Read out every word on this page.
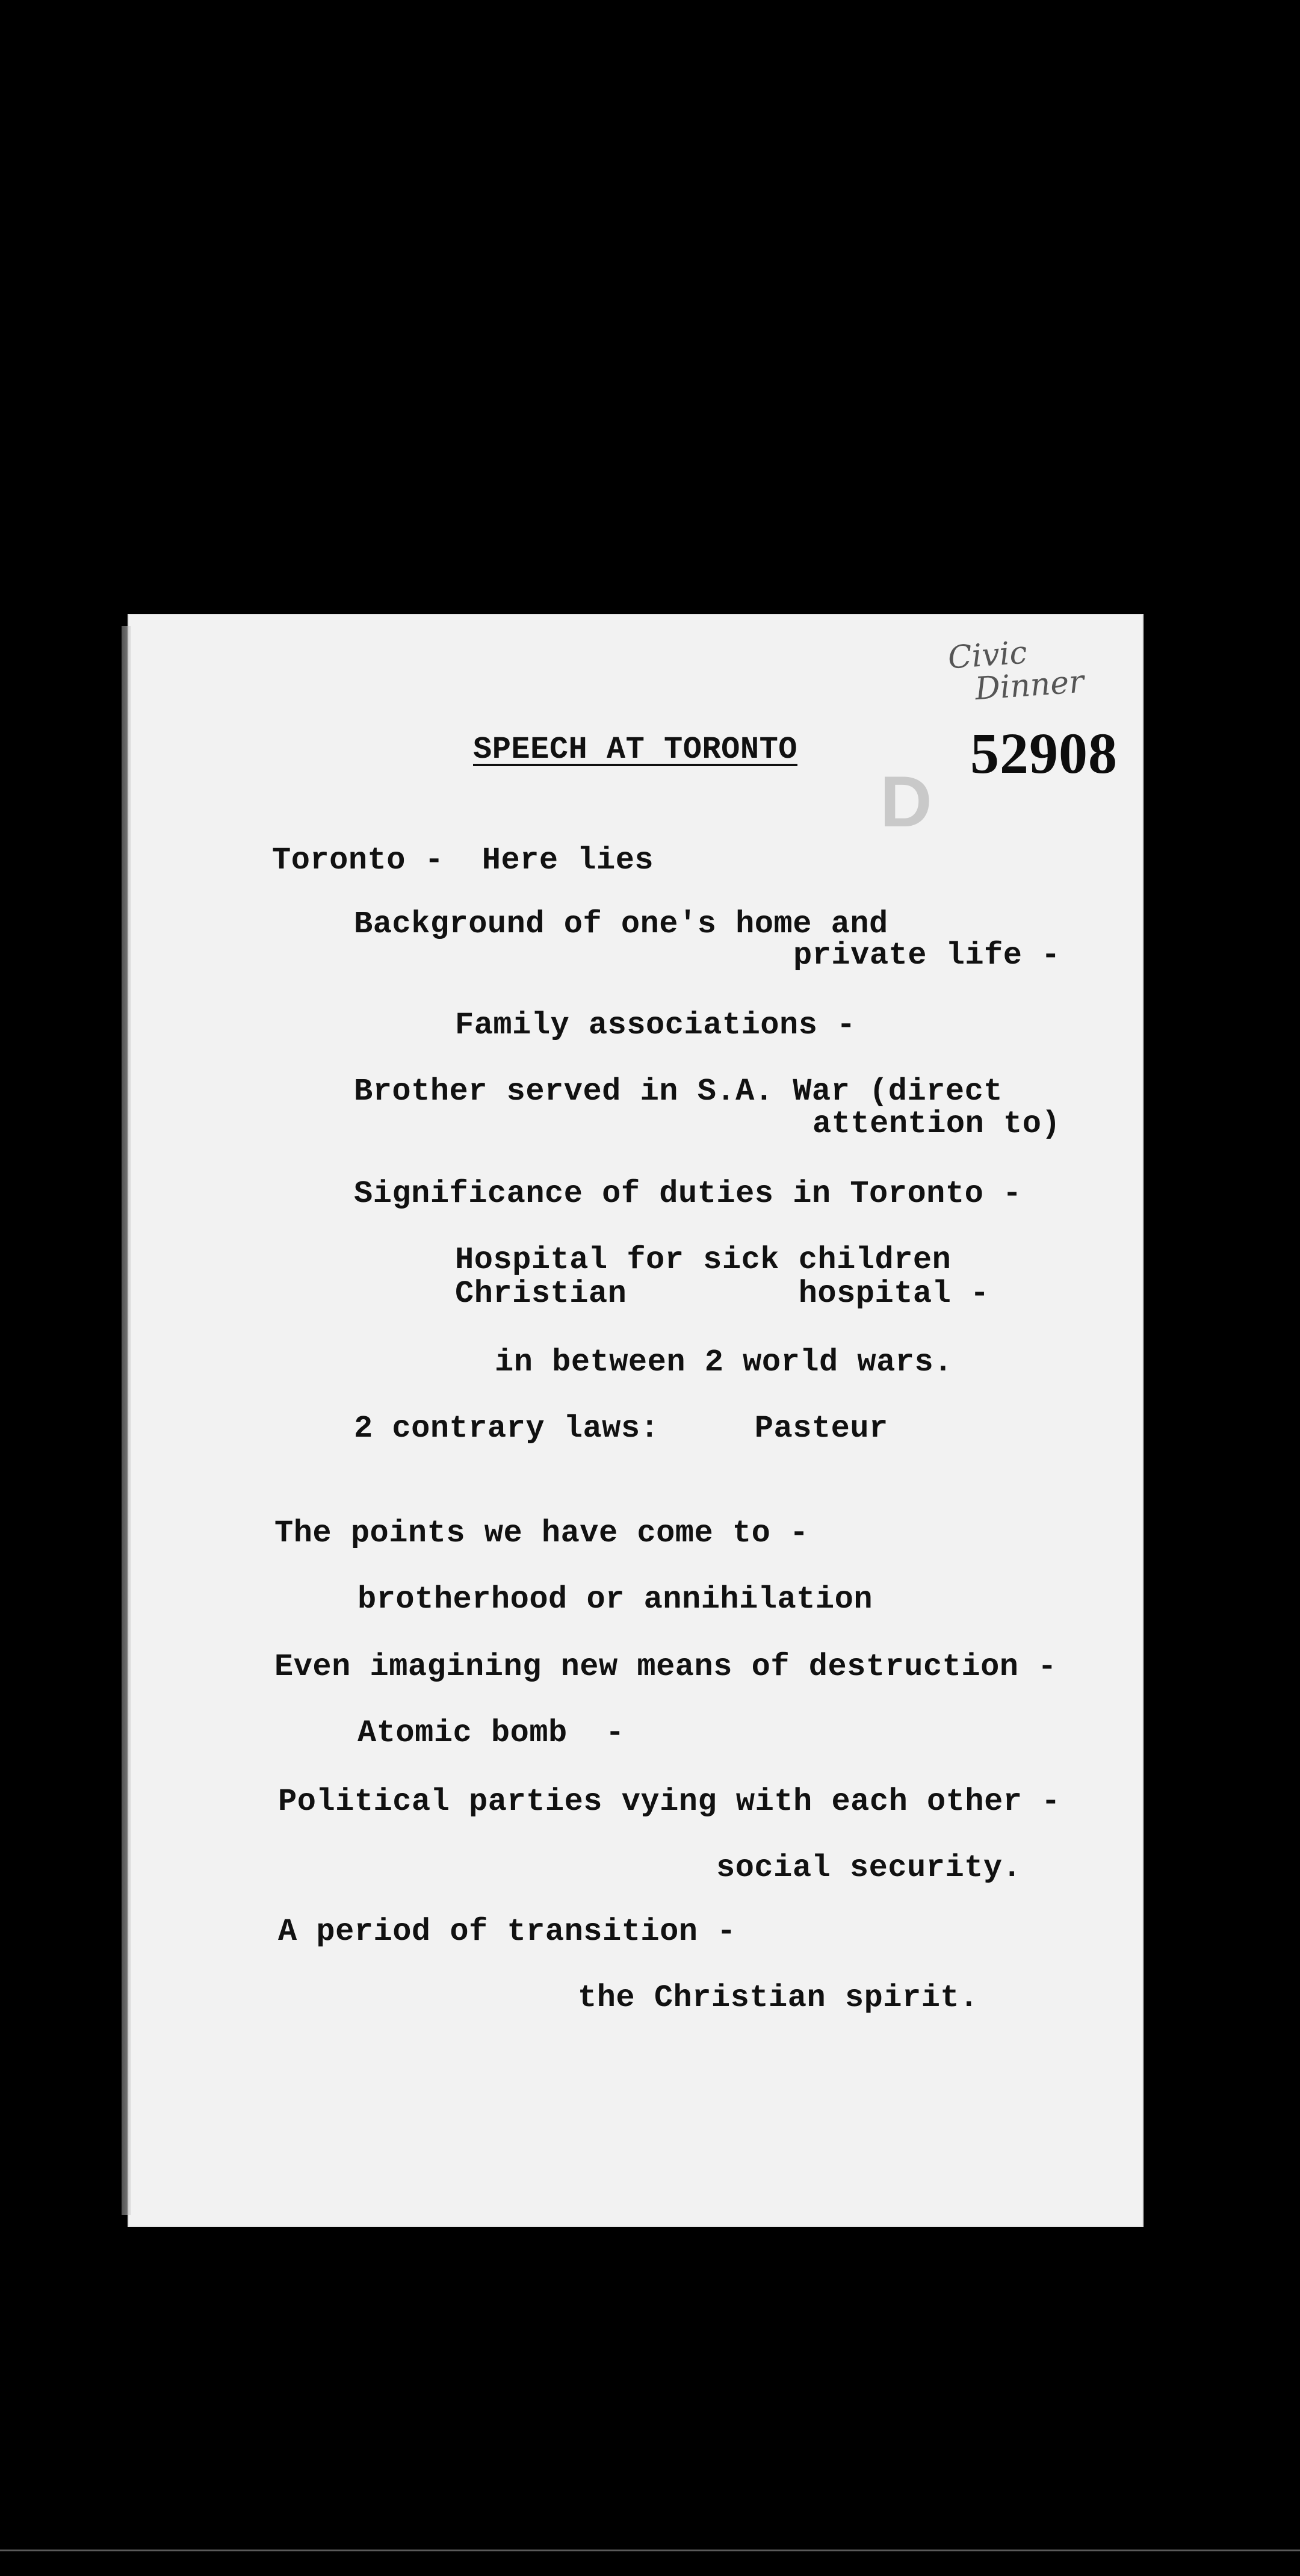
Civic
Dinner
SPEECH AT TORONTO	52908
D
Toronto -  Here lies
Background of one's home and
private life -
Family associations -
Brother served in S.A. War (direct
attention to)
Significance of duties in Toronto -
Hospital for sick children
Christian         hospital -
in between 2 world wars.
2 contrary laws:     Pasteur
The points we have come to -
brotherhood or annihilation
Even imagining new means of destruction -
Atomic bomb  -
Political parties vying with each other -
social security.
A period of transition -
the Christian spirit.
